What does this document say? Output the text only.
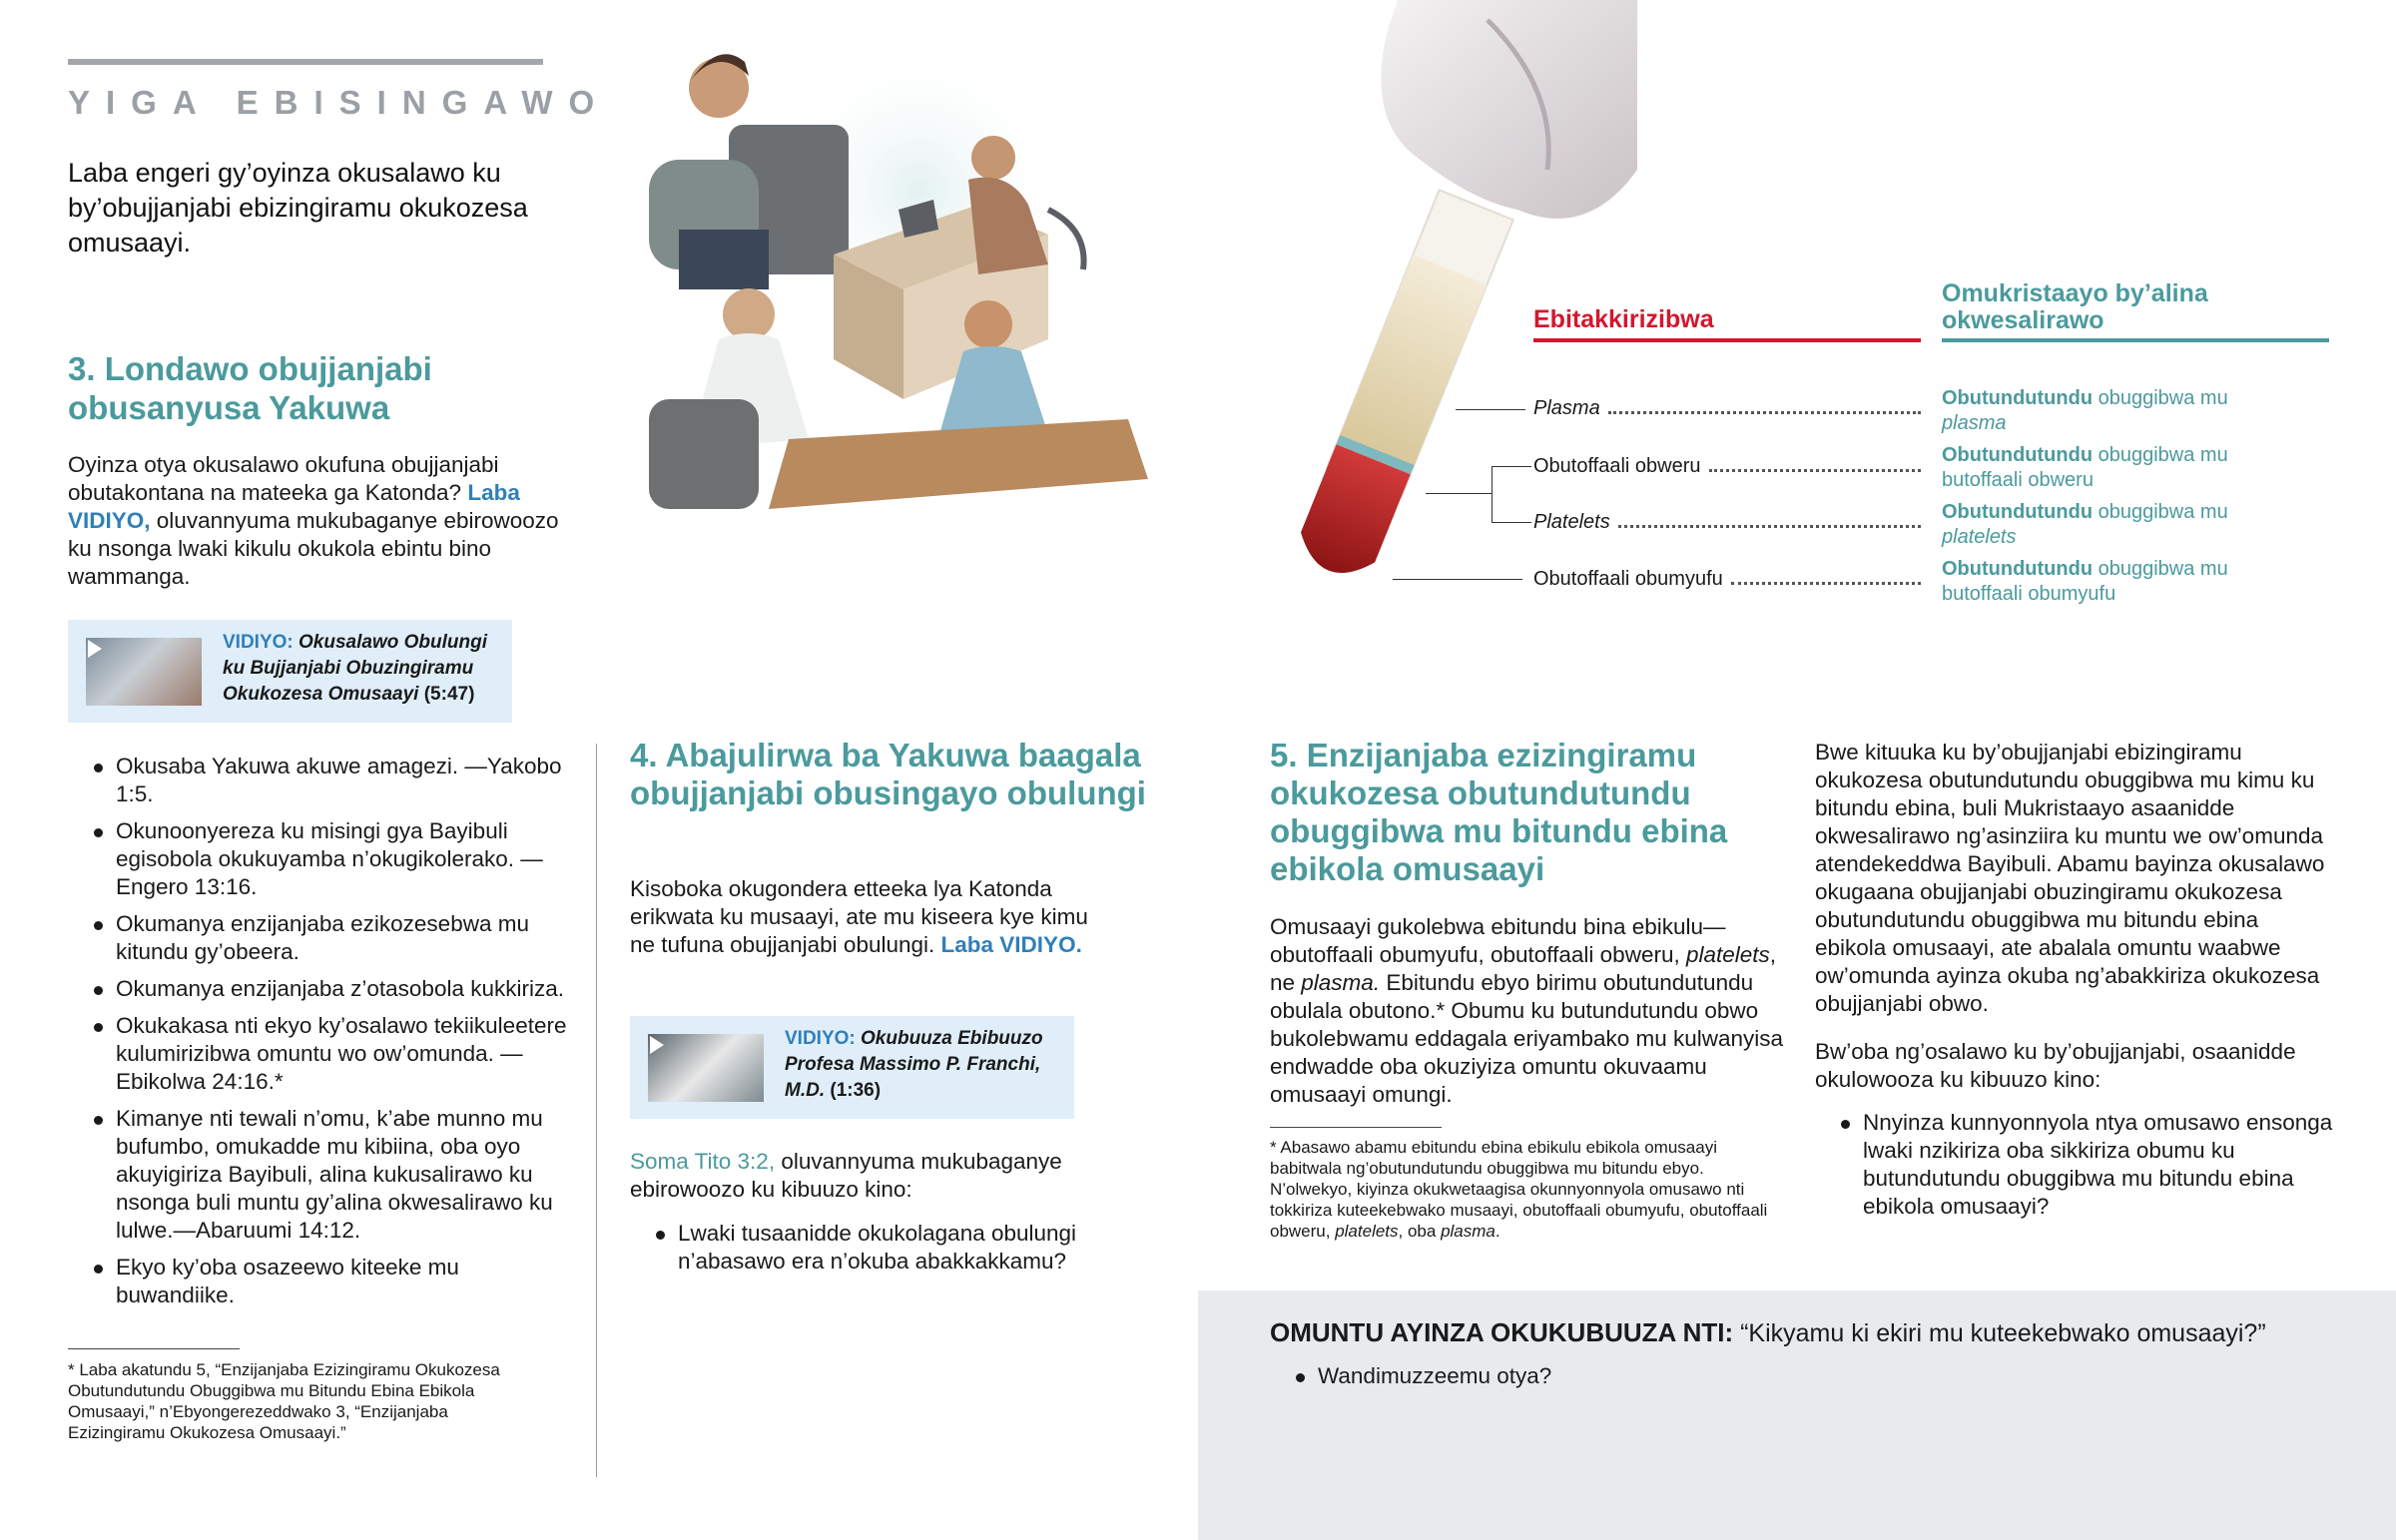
YIGA EBISINGAWO
Laba engeri gy’oyinza okusalawo ku by’obujjanjabi ebizingiramu okukozesa omusaayi.
3. Londawo obujjanjabi obusanyusa Yakuwa
Oyinza otya okusalawo okufuna obujjanjabi obutakontana na mateeka ga Katonda? Laba VIDIYO, oluvannyuma mukubaganye ebirowoozo ku nsonga lwaki kikulu okukola ebintu bino wammanga.
VIDIYO: Okusalawo Obulungi ku Bujjanjabi Obuzingiramu Okukozesa Omusaayi (5:47)
Okusaba Yakuwa akuwe amagezi. —Yakobo 1:5.
Okunoonyereza ku misingi gya Bayibuli egisobola okukuyamba n’okugikolerako. —Engero 13:16.
Okumanya enzijanjaba ezikozesebwa mu kitundu gy’obeera.
Okumanya enzijanjaba z’otasobola kukkiriza.
Okukakasa nti ekyo ky’osalawo tekiikuleetere kulumirizibwa omuntu wo ow’omunda. —Ebikolwa 24:16.*
Kimanye nti tewali n’omu, k’abe munno mu bufumbo, omukadde mu kibiina, oba oyo akuyigiriza Bayibuli, alina kukusalirawo ku nsonga buli muntu gy’alina okwesalirawo ku lulwe.—Abaruumi 14:12.
Ekyo ky’oba osazeewo kiteeke mu buwandiike.
* Laba akatundu 5, “Enzijanjaba Ezizingiramu Okukozesa Obutundutundu Obuggibwa mu Bitundu Ebina Ebikola Omusaayi,” n’Ebyongerezeddwako 3, “Enzijanjaba Ezizingiramu Okukozesa Omusaayi.”
4. Abajulirwa ba Yakuwa baagala obujjanjabi obusingayo obulungi
Kisoboka okugondera etteeka lya Katonda erikwata ku musaayi, ate mu kiseera kye kimu ne tufuna obujjanjabi obulungi. Laba VIDIYO.
VIDIYO: Okubuuza Ebibuuzo Profesa Massimo P. Franchi, M.D. (1:36)
Soma Tito 3:2, oluvannyuma mukubaganye ebirowoozo ku kibuuzo kino:
Lwaki tusaanidde okukolagana obulungi n’abasawo era n’okuba abakkakkamu?
Ebitakkirizibwa
Omukristaayo by’alina okwesalirawo
Plasma	Obutundutundu obuggibwa mu plasma
Obutoffaali obweru	Obutundutundu obuggibwa mu butoffaali obweru
Platelets	Obutundutundu obuggibwa mu platelets
Obutoffaali obumyufu	Obutundutundu obuggibwa mu butoffaali obumyufu
5. Enzijanjaba ezizingiramu okukozesa obutundutundu obuggibwa mu bitundu ebina ebikola omusaayi
Omusaayi gukolebwa ebitundu bina ebikulu—obutoffaali obumyufu, obutoffaali obweru, platelets, ne plasma. Ebitundu ebyo birimu obutundutundu obulala obutono.* Obumu ku butundutundu obwo bukolebwamu eddagala eriyambako mu kulwanyisa endwadde oba okuziyiza omuntu okuvaamu omusaayi omungi.
* Abasawo abamu ebitundu ebina ebikulu ebikola omusaayi babitwala ng’obutundutundu obuggibwa mu bitundu ebyo. N’olwekyo, kiyinza okukwetaagisa okunnyonnyola omusawo nti tokkiriza kuteekebwako musaayi, obutoffaali obumyufu, obutoffaali obweru, platelets, oba plasma.
Bwe kituuka ku by’obujjanjabi ebizingiramu okukozesa obutundutundu obuggibwa mu kimu ku bitundu ebina, buli Mukristaayo asaanidde okwesalirawo ng’asinziira ku muntu we ow’omunda atendekeddwa Bayibuli. Abamu bayinza okusalawo okugaana obujjanjabi obuzingiramu okukozesa obutundutundu obuggibwa mu bitundu ebina ebikola omusaayi, ate abalala omuntu waabwe ow’omunda ayinza okuba ng’abakkiriza okukozesa obujjanjabi obwo.
Bw’oba ng’osalawo ku by’obujjanjabi, osaanidde okulowooza ku kibuuzo kino:
Nnyinza kunnyonnyola ntya omusawo ensonga lwaki nzikiriza oba sikkiriza obumu ku butundutundu obuggibwa mu bitundu ebina ebikola omusaayi?
OMUNTU AYINZA OKUKUBUUZA NTI: “Kikyamu ki ekiri mu kuteekebwako omusaayi?”
Wandimuzzeemu otya?
